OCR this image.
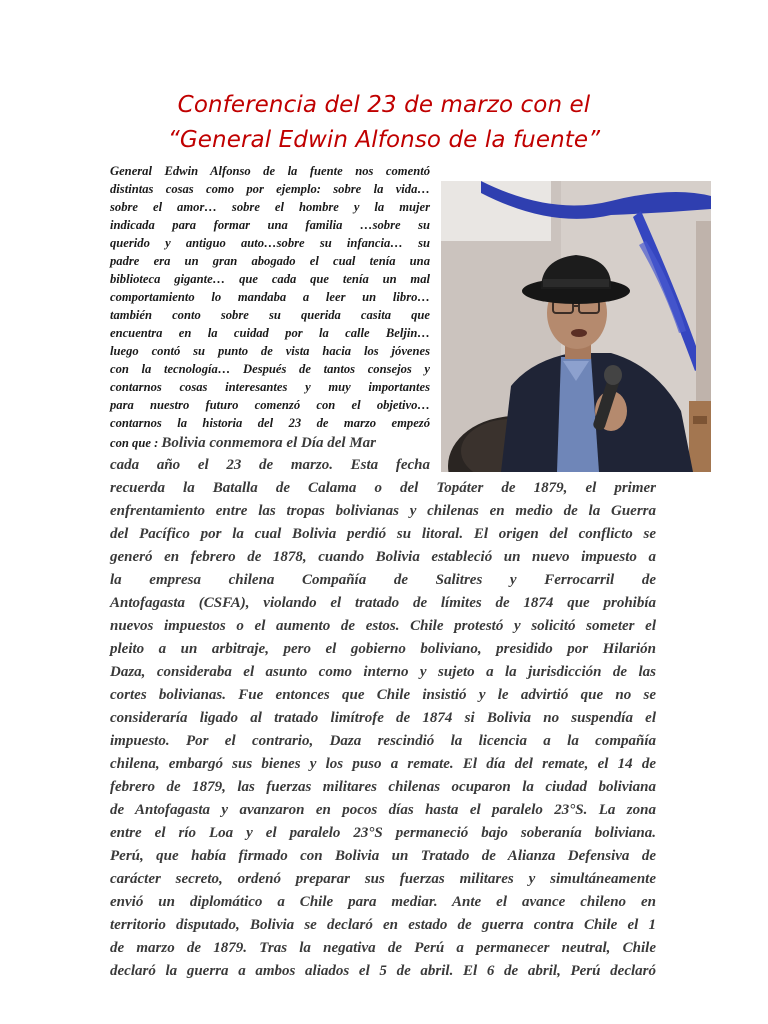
Conferencia del 23 de marzo con el
“General Edwin Alfonso de la fuente”

General Edwin Alfonso de la fuente nos comentó

distintas cosas como por ejemplo: sobre la vida…

sobre el amor… sobre el hombre y la mujer

indicada para formar una familia …sobre su

querido y antiguo auto…sobre su infancia… su

padre era un gran abogado el cual tenía una

biblioteca gigante… que cada que tenía un mal

comportamiento lo mandaba a leer un libro…

también conto sobre su querida casita que

encuentra en la cuidad por la calle Beljin…

luego contó su punto de vista hacia los jóvenes

con la tecnología… Después de tantos consejos y

contarnos cosas interesantes y muy importantes

para nuestro futuro comenzó con el objetivo…

contarnos la historia del 23 de marzo empezó

con que : Bolivia conmemora el Día del Mar

cada año el 23 de marzo. Esta fecha

recuerda la Batalla de Calama o del Topáter de 1879, el primer

enfrentamiento entre las tropas bolivianas y chilenas en medio de la Guerra

del Pacífico por la cual Bolivia perdió su litoral. El origen del conflicto se

generó en febrero de 1878, cuando Bolivia estableció un nuevo impuesto a

la empresa chilena Compañía de Salitres y Ferrocarril de

Antofagasta (CSFA), violando el tratado de límites de 1874 que prohibía

nuevos impuestos o el aumento de estos. Chile protestó y solicitó someter el

pleito a un arbitraje, pero el gobierno boliviano, presidido por Hilarión

Daza, consideraba el asunto como interno y sujeto a la jurisdicción de las

cortes bolivianas. Fue entonces que Chile insistió y le advirtió que no se

consideraría ligado al tratado limítrofe de 1874 si Bolivia no suspendía el

impuesto. Por el contrario, Daza rescindió la licencia a la compañía

chilena, embargó sus bienes y los puso a remate. El día del remate, el 14 de

febrero de 1879, las fuerzas militares chilenas ocuparon la ciudad boliviana

de Antofagasta y avanzaron en pocos días hasta el paralelo 23°S. La zona

entre el río Loa y el paralelo 23°S permaneció bajo soberanía boliviana.

Perú, que había firmado con Bolivia un Tratado de Alianza Defensiva de

carácter secreto, ordenó preparar sus fuerzas militares y simultáneamente

envió un diplomático a Chile para mediar. Ante el avance chileno en

territorio disputado, Bolivia se declaró en estado de guerra contra Chile el 1

de marzo de 1879. Tras la negativa de Perú a permanecer neutral, Chile

declaró la guerra a ambos aliados el 5 de abril. El 6 de abril, Perú declaró
